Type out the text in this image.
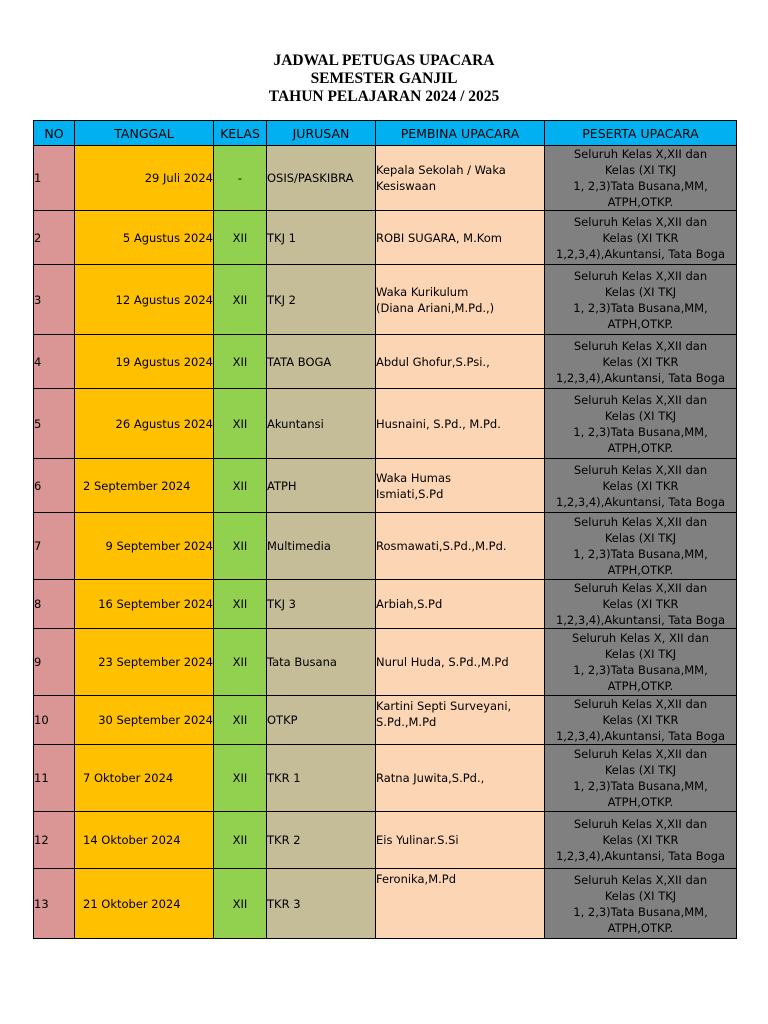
JADWAL PETUGAS UPACARA
SEMESTER GANJIL
TAHUN PELAJARAN 2024 / 2025
NO	TANGGAL	KELAS	JURUSAN	PEMBINA UPACARA	PESERTA UPACARA
1	29 Juli 2024	-	OSIS/PASKIBRA	Kepala Sekolah / Waka
Kesiswaan	Seluruh Kelas X,XII dan
Kelas (XI TKJ
1, 2,3)Tata Busana,MM,
ATPH,OTKP.
2	5 Agustus 2024	XII	TKJ 1	ROBI SUGARA, M.Kom	Seluruh Kelas X,XII dan
Kelas (XI TKR
1,2,3,4),Akuntansi, Tata Boga
3	12 Agustus 2024	XII	TKJ 2	Waka Kurikulum
(Diana Ariani,M.Pd.,)	Seluruh Kelas X,XII dan
Kelas (XI TKJ
1, 2,3)Tata Busana,MM,
ATPH,OTKP.
4	19 Agustus 2024	XII	TATA BOGA	Abdul Ghofur,S.Psi.,	Seluruh Kelas X,XII dan
Kelas (XI TKR
1,2,3,4),Akuntansi, Tata Boga
5	26 Agustus 2024	XII	Akuntansi	Husnaini, S.Pd., M.Pd.	Seluruh Kelas X,XII dan
Kelas (XI TKJ
1, 2,3)Tata Busana,MM,
ATPH,OTKP.
6	2 September 2024	XII	ATPH	Waka Humas
Ismiati,S.Pd	Seluruh Kelas X,XII dan
Kelas (XI TKR
1,2,3,4),Akuntansi, Tata Boga
7	9 September 2024	XII	Multimedia	Rosmawati,S.Pd.,M.Pd.	Seluruh Kelas X,XII dan
Kelas (XI TKJ
1, 2,3)Tata Busana,MM,
ATPH,OTKP.
8	16 September 2024	XII	TKJ 3	Arbiah,S.Pd	Seluruh Kelas X,XII dan
Kelas (XI TKR
1,2,3,4),Akuntansi, Tata Boga
9	23 September 2024	XII	Tata Busana	Nurul Huda, S.Pd.,M.Pd	Seluruh Kelas X, XII dan
Kelas (XI TKJ
1, 2,3)Tata Busana,MM,
ATPH,OTKP.
10	30 September 2024	XII	OTKP	Kartini Septi Surveyani,
S.Pd.,M.Pd	Seluruh Kelas X,XII dan
Kelas (XI TKR
1,2,3,4),Akuntansi, Tata Boga
11	7 Oktober 2024	XII	TKR 1	Ratna Juwita,S.Pd.,	Seluruh Kelas X,XII dan
Kelas (XI TKJ
1, 2,3)Tata Busana,MM,
ATPH,OTKP.
12	14 Oktober 2024	XII	TKR 2	Eis Yulinar.S.Si	Seluruh Kelas X,XII dan
Kelas (XI TKR
1,2,3,4),Akuntansi, Tata Boga
13	21 Oktober 2024	XII	TKR 3	Feronika,M.Pd	Seluruh Kelas X,XII dan
Kelas (XI TKJ
1, 2,3)Tata Busana,MM,
ATPH,OTKP.
